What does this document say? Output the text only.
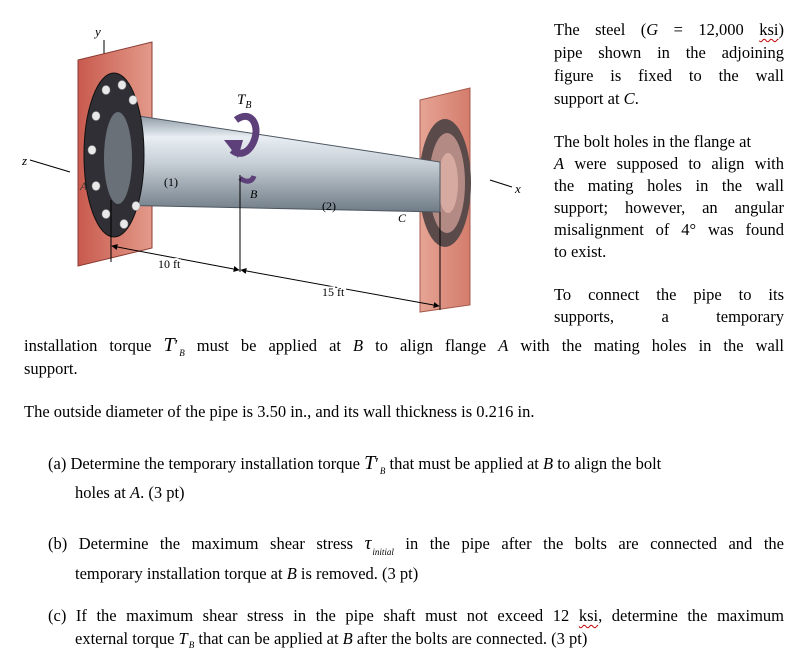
y
z
x
A
B
C
(1)
(2)
$T_B$
10 ft
15 ft
The steel (G = 12,000 ksi)
pipe shown in the adjoining
figure is fixed to the wall
support at C.
The bolt holes in the flange at
A were supposed to align with
the mating holes in the wall
support; however, an angular
misalignment of 4° was found
to exist.
To connect the pipe to its
supports, a temporary
installation torque $T'_B$ must be applied at B to align flange A with the mating holes in the wall
support.
The outside diameter of the pipe is 3.50 in., and its wall thickness is 0.216 in.
(a) Determine the temporary installation torque $T'_B$ that must be applied at B to align the bolt
holes at A. (3 pt)
(b) Determine the maximum shear stress $\tau_{initial}$ in the pipe after the bolts are connected and the
temporary installation torque at B is removed. (3 pt)
(c) If the maximum shear stress in the pipe shaft must not exceed 12 ksi, determine the maximum
external torque $T_B$ that can be applied at B after the bolts are connected. (3 pt)
